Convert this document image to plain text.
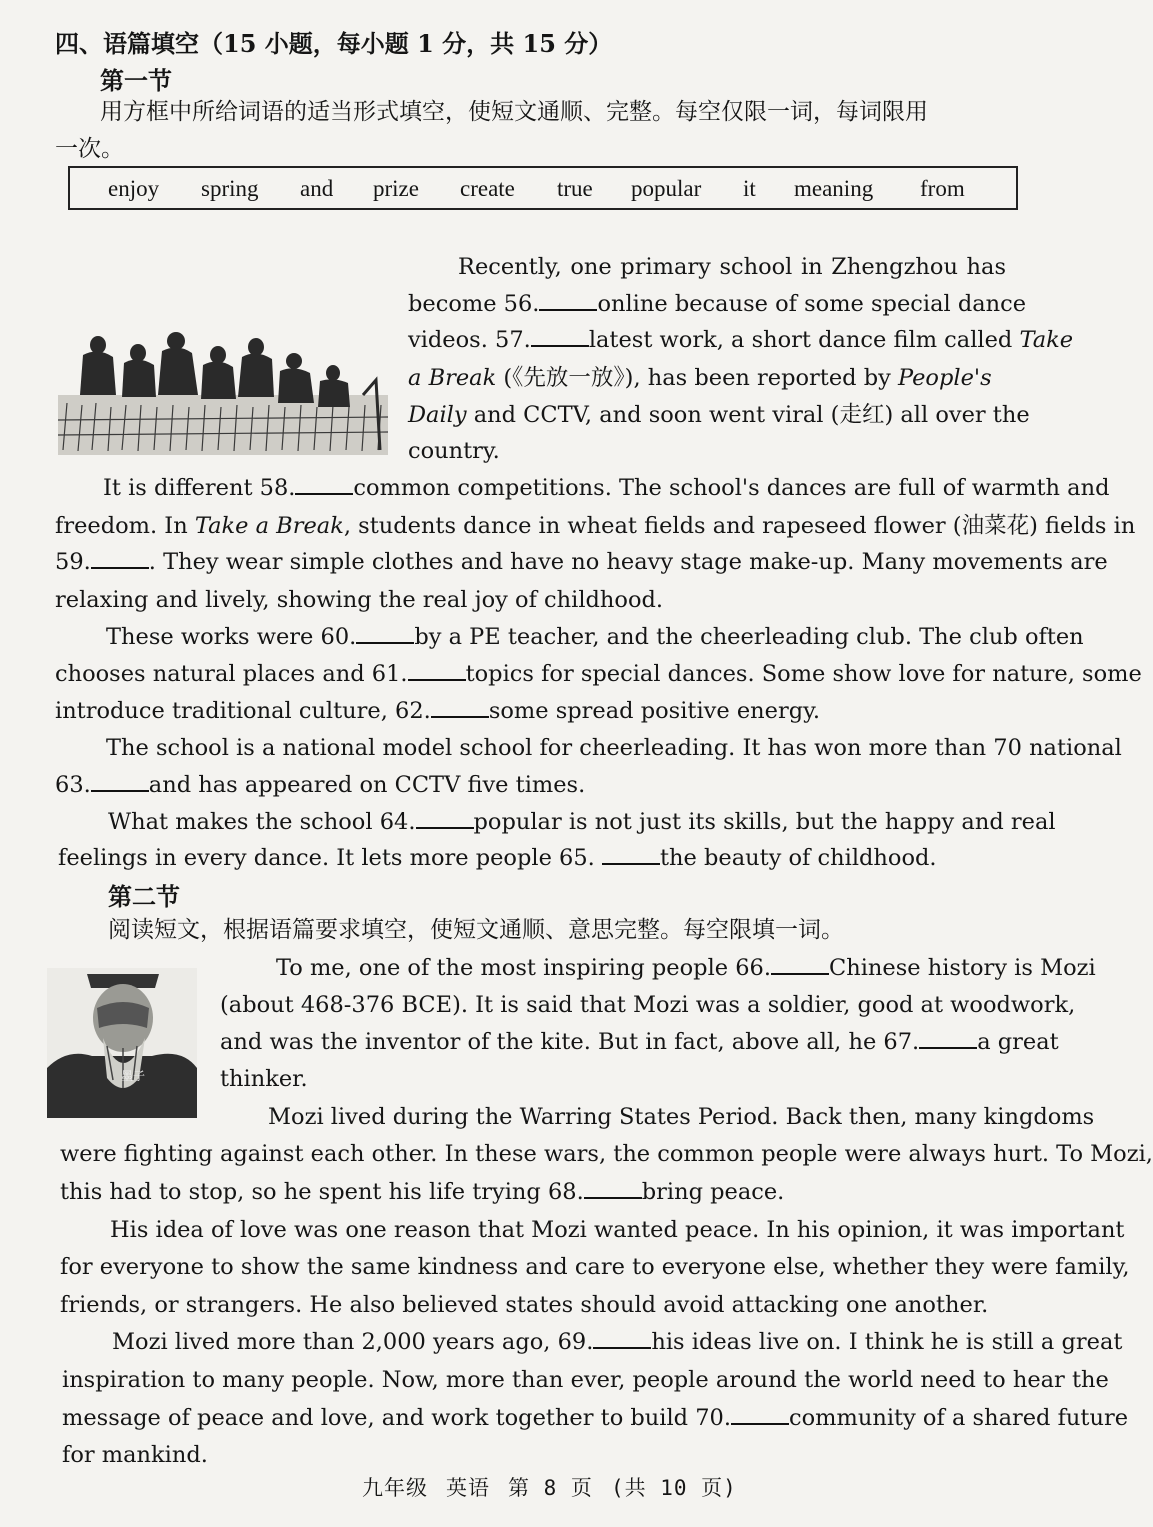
四、语篇填空（15 小题，每小题 1 分，共 15 分）
第一节
用方框中所给词语的适当形式填空，使短文通顺、完整。每空仅限一词，每词限用
一次。
enjoy spring and prize create true popular it meaning from
Recently, one primary school in Zhengzhou has
become 56.	online because of some special dance
videos. 57.	latest work, a short dance film called Take
a Break (《先放一放》), has been reported by People's
Daily and CCTV, and soon went viral (走红) all over the
country.
It is different 58.	common competitions. The school's dances are full of warmth and
freedom. In Take a Break, students dance in wheat fields and rapeseed flower (油菜花) fields in
59.	. They wear simple clothes and have no heavy stage make-up. Many movements are
relaxing and lively, showing the real joy of childhood.
These works were 60.	by a PE teacher, and the cheerleading club. The club often
chooses natural places and 61.	topics for special dances. Some show love for nature, some
introduce traditional culture, 62.	some spread positive energy.
The school is a national model school for cheerleading. It has won more than 70 national
63.	and has appeared on CCTV five times.
What makes the school 64.	popular is not just its skills, but the happy and real
feelings in every dance. It lets more people 65.	the beauty of childhood.
第二节
阅读短文，根据语篇要求填空，使短文通顺、意思完整。每空限填一词。
墨子
To me, one of the most inspiring people 66.	Chinese history is Mozi
(about 468-376 BCE). It is said that Mozi was a soldier, good at woodwork,
and was the inventor of the kite. But in fact, above all, he 67.	a great
thinker.
Mozi lived during the Warring States Period. Back then, many kingdoms
were fighting against each other. In these wars, the common people were always hurt. To Mozi,
this had to stop, so he spent his life trying 68.	bring peace.
His idea of love was one reason that Mozi wanted peace. In his opinion, it was important
for everyone to show the same kindness and care to everyone else, whether they were family,
friends, or strangers. He also believed states should avoid attacking one another.
Mozi lived more than 2,000 years ago, 69.	his ideas live on. I think he is still a great
inspiration to many people. Now, more than ever, people around the world need to hear the
message of peace and love, and work together to build 70.	community of a shared future
for mankind.
九年级 英语 第 8 页 (共 10 页)
